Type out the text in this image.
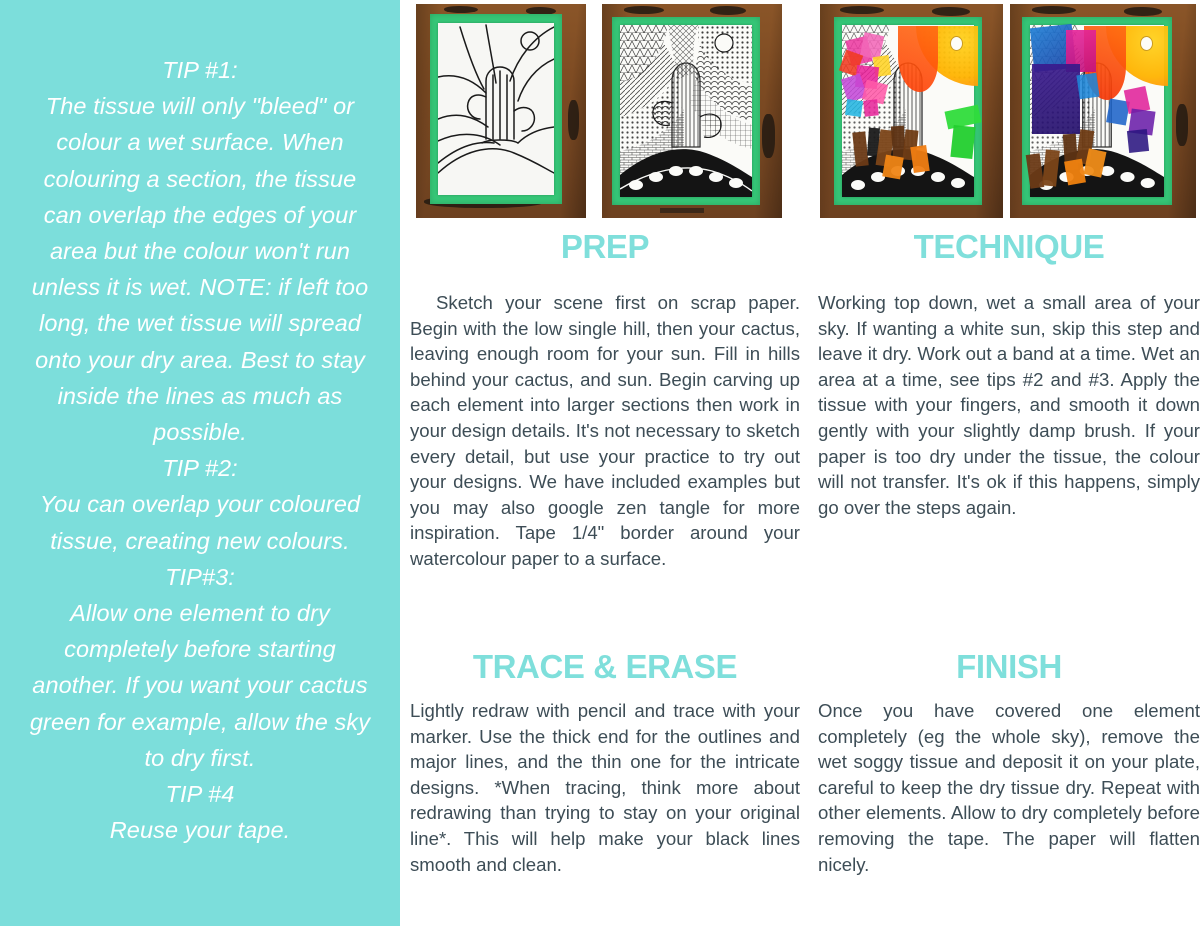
TIP #1:
The tissue will only "bleed" or
colour a wet surface. When
colouring a section, the tissue
can overlap the edges of your
area but the colour won't run
unless it is wet. NOTE: if left too
long, the wet tissue will spread
onto your dry area. Best to stay
inside the lines as much as
possible.
TIP #2:
You can overlap your coloured
tissue, creating new colours.
TIP#3:
Allow one element to dry
completely before starting
another. If you want your cactus
green for example, allow the sky
to dry first.
TIP #4
Reuse your tape.
PREP

Sketch your scene first on scrap paper. Begin with the low single hill, then your cactus, leaving enough room for your sun. Fill in hills behind your cactus, and sun. Begin carving up each element into larger sections then work in your design details. It's not necessary to sketch every detail, but use your practice to try out your designs. We have included examples but you may also google zen tangle for more inspiration. Tape 1/4" border around your watercolour paper to a surface.

TECHNIQUE

Working top down, wet a small area of your sky. If wanting a white sun, skip this step and leave it dry. Work out a band at a time. Wet an area at a time, see tips #2 and #3. Apply the tissue with your fingers, and smooth it down gently with your slightly damp brush. If your paper is too dry under the tissue, the colour will not transfer. It's ok if this happens, simply go over the steps again.

TRACE & ERASE

Lightly redraw with pencil and trace with your marker. Use the thick end for the outlines and major lines, and the thin one for the intricate designs. *When tracing, think more about redrawing than trying to stay on your original line*. This will help make your black lines smooth and clean.

FINISH

Once you have covered one element completely (eg the whole sky), remove the wet soggy tissue and deposit it on your plate, careful to keep the dry tissue dry. Repeat with other elements. Allow to dry completely before removing the tape. The paper will flatten nicely.
